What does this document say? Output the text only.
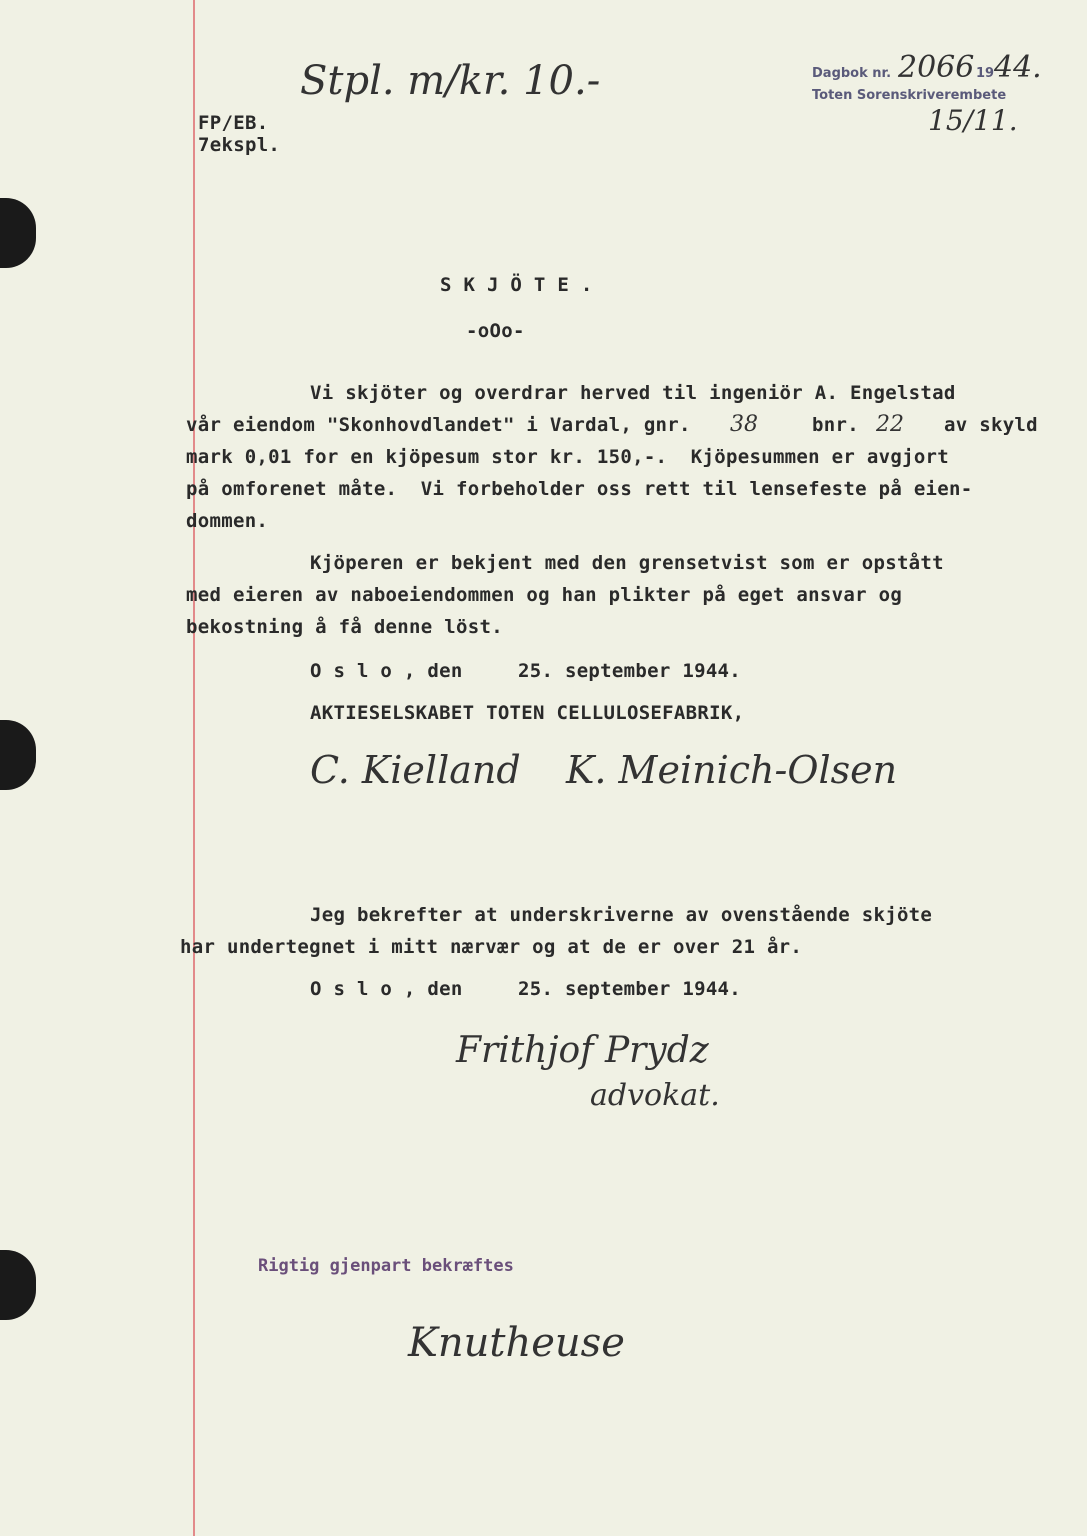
Stpl. m/kr. 10.-	Dagbok nr. 2066 19 44.
Toten Sorenskriverembete
15/11.
FP/EB.
7ekspl.
S K J Ö T E .
-oOo-
Vi skjöter og overdrar herved til ingeniör A. Engelstad
vår eiendom "Skonhovdlandet" i Vardal, gnr. 38	bnr. 22 av skyld
mark 0,01 for en kjöpesum stor kr. 150,-.  Kjöpesummen er avgjort
på omforenet måte.  Vi forbeholder oss rett til lensefeste på eien-
dommen.
Kjöperen er bekjent med den grensetvist som er opstått
med eieren av naboeiendommen og han plikter på eget ansvar og
bekostning å få denne löst.
O s l o , den	25. september 1944.
AKTIESELSKABET TOTEN CELLULOSEFABRIK,
C. Kielland K. Meinich-Olsen
Jeg bekrefter at underskriverne av ovenstående skjöte
har undertegnet i mitt nærvær og at de er over 21 år.
O s l o , den	25. september 1944.
Frithjof Prydz
advokat.
Rigtig gjenpart bekræftes
Knutheuse
